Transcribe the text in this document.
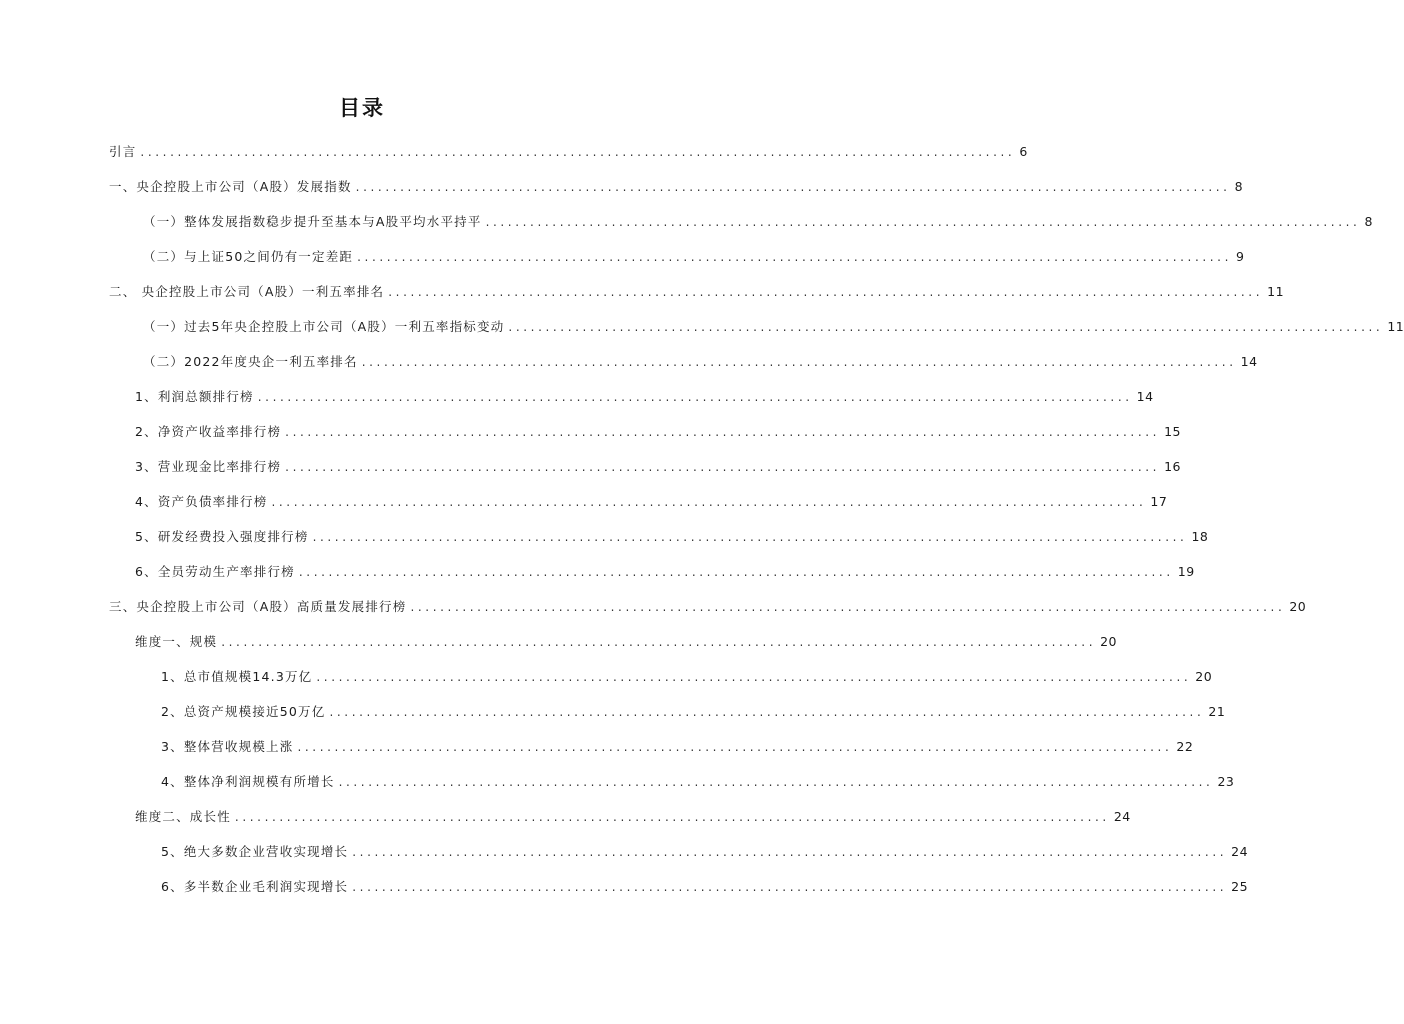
目录
引言 ...................................................................................................................... 6
一、央企控股上市公司（A股）发展指数 ...................................................................................................................... 8
（一）整体发展指数稳步提升至基本与A股平均水平持平 ...................................................................................................................... 8
（二）与上证50之间仍有一定差距 ...................................................................................................................... 9
二、 央企控股上市公司（A股）一利五率排名 ...................................................................................................................... 11
（一）过去5年央企控股上市公司（A股）一利五率指标变动 ...................................................................................................................... 11
（二）2022年度央企一利五率排名 ...................................................................................................................... 14
1、利润总额排行榜 ...................................................................................................................... 14
2、净资产收益率排行榜 ...................................................................................................................... 15
3、营业现金比率排行榜 ...................................................................................................................... 16
4、资产负债率排行榜 ...................................................................................................................... 17
5、研发经费投入强度排行榜 ...................................................................................................................... 18
6、全员劳动生产率排行榜 ...................................................................................................................... 19
三、央企控股上市公司（A股）高质量发展排行榜 ...................................................................................................................... 20
维度一、规模 ...................................................................................................................... 20
1、总市值规模14.3万亿 ...................................................................................................................... 20
2、总资产规模接近50万亿 ...................................................................................................................... 21
3、整体营收规模上涨 ...................................................................................................................... 22
4、整体净利润规模有所增长 ...................................................................................................................... 23
维度二、成长性 ...................................................................................................................... 24
5、绝大多数企业营收实现增长 ...................................................................................................................... 24
6、多半数企业毛利润实现增长 ...................................................................................................................... 25
